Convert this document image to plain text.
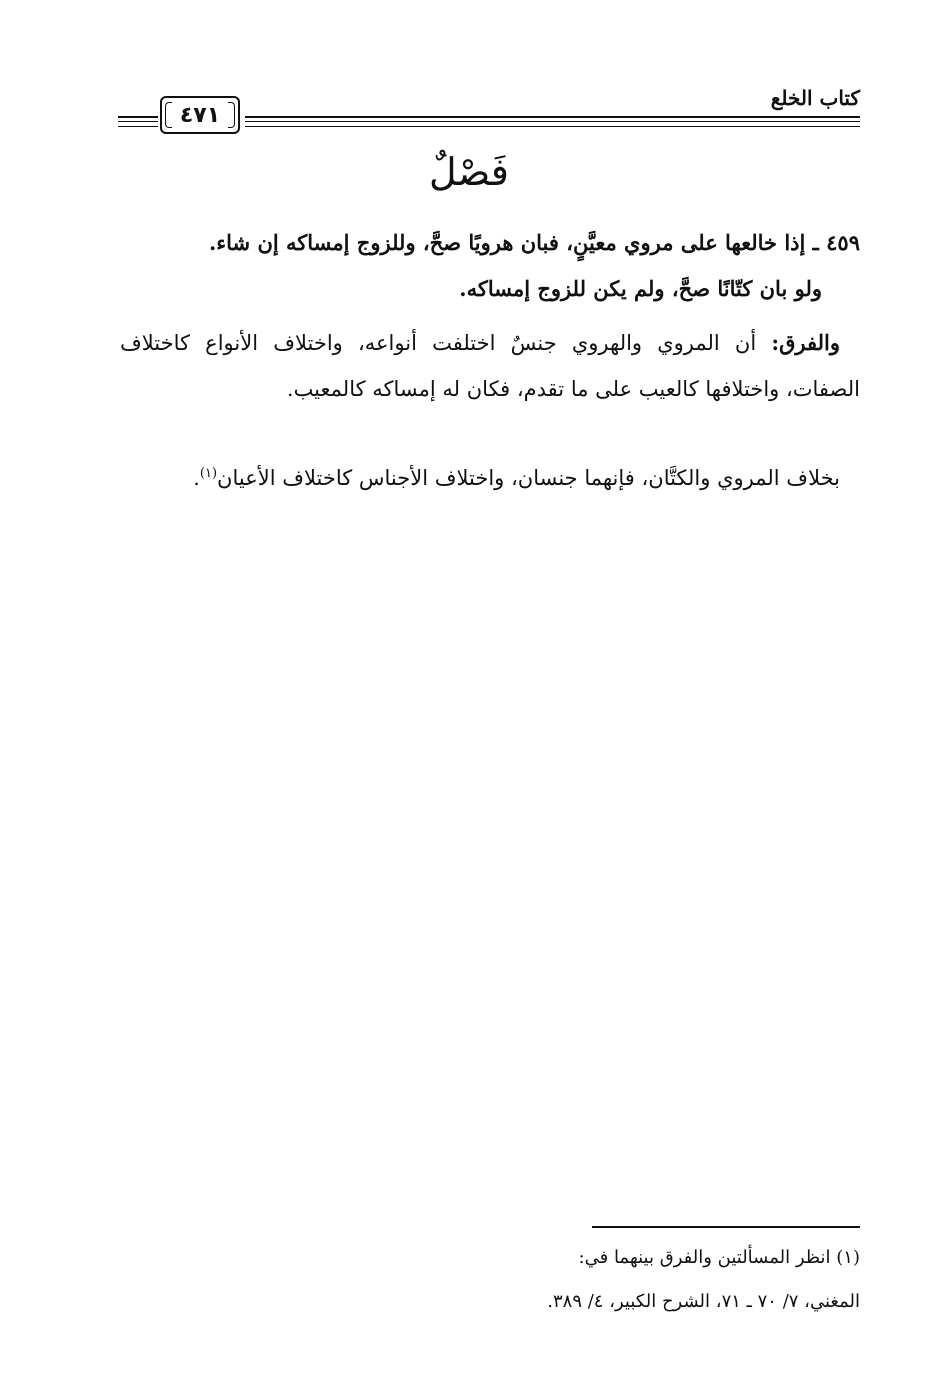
كتاب الخلع
٤٧١
فَصْلٌ
٤٥٩ ـ إذا خالعها على مروي معيَّنٍ، فبان هرويًا صحَّ، وللزوج إمساكه إن شاء.
ولو بان كتّانًا صحَّ، ولم يكن للزوج إمساكه.

والفرق: أن المروي والهروي جنسٌ اختلفت أنواعه، واختلاف الأنواع كاختلاف الصفات، واختلافها كالعيب على ما تقدم، فكان له إمساكه كالمعيب.

بخلاف المروي والكتَّان، فإنهما جنسان، واختلاف الأجناس كاختلاف الأعيان$^{(١)}$.

(١) انظر المسألتين والفرق بينهما في:
المغني، ٧/ ٧٠ ـ ٧١، الشرح الكبير، ٤/ ٣٨٩.
